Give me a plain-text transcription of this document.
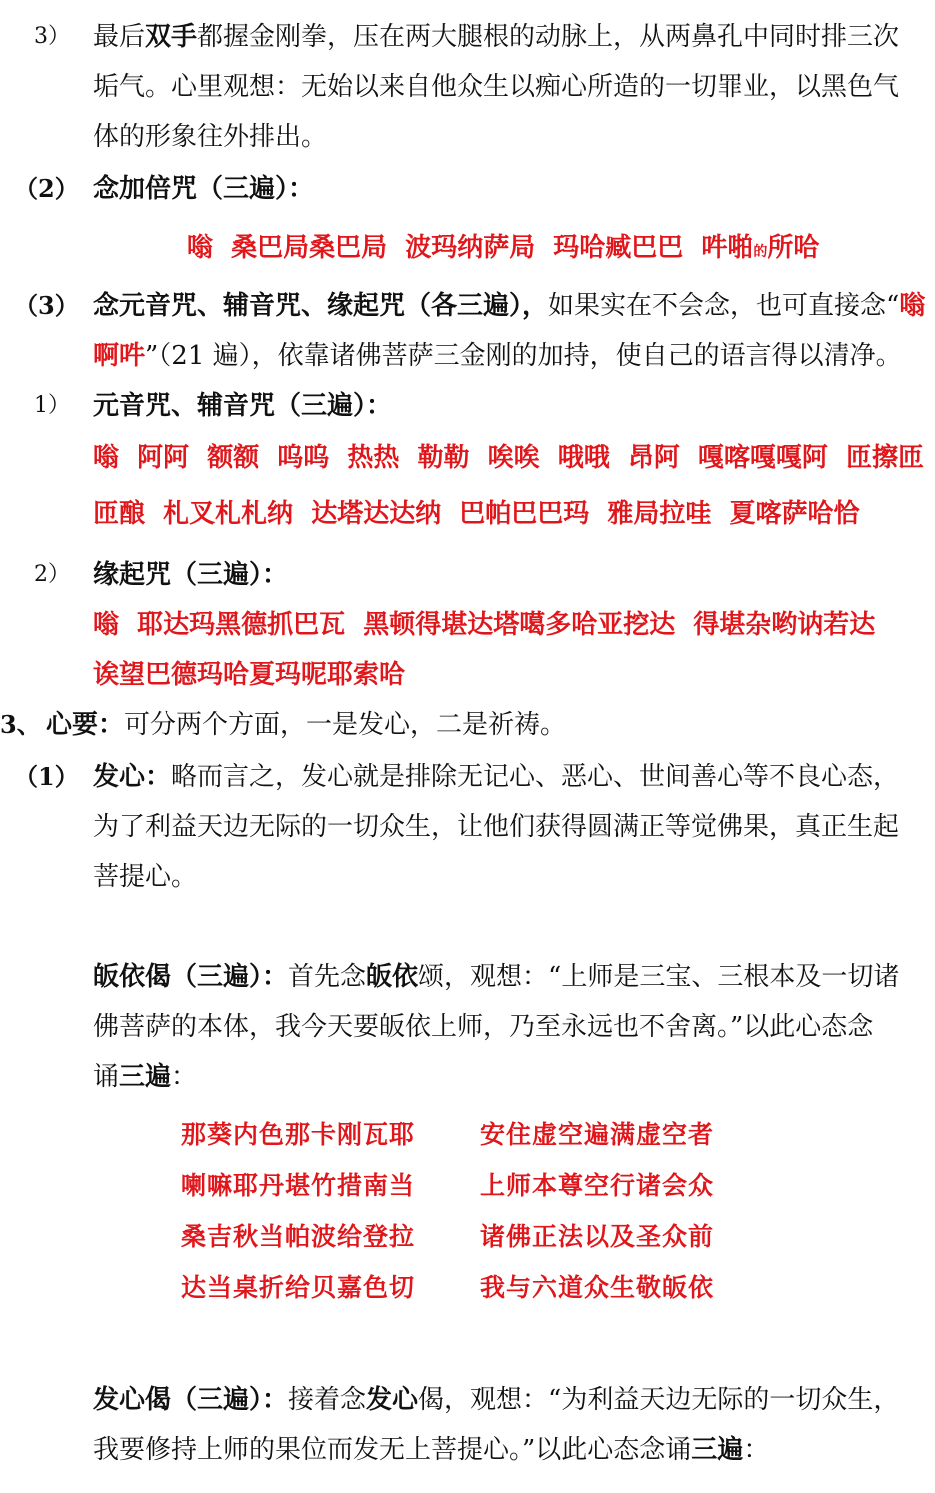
3） 最后双手都握金刚拳，压在两大腿根的动脉上，从两鼻孔中同时排三次
垢气。心里观想：无始以来自他众生以痴心所造的一切罪业，以黑色气
体的形象往外排出。
（2） 念加倍咒（三遍）：
嗡  桑巴局桑巴局  波玛纳萨局  玛哈臧巴巴  吽啪的所哈
（3） 念元音咒、辅音咒、缘起咒（各三遍），如果实在不会念，也可直接念“嗡
啊吽”（21 遍），依靠诸佛菩萨三金刚的加持，使自己的语言得以清净。
1） 元音咒、辅音咒（三遍）：
嗡  阿阿  额额  呜呜  热热  勒勒  唉唉  哦哦  昂阿  嘎喀嘎嘎阿  匝擦匝
匝酿  札叉札札纳  达塔达达纳  巴帕巴巴玛  雅局拉哇  夏喀萨哈恰
2） 缘起咒（三遍）：
嗡  耶达玛黑德抓巴瓦  黑顿得堪达塔噶多哈亚挖达  得堪杂哟讷若达
诶望巴德玛哈夏玛呢耶索哈
3、 心要：可分两个方面，一是发心，二是祈祷。
（1） 发心：略而言之，发心就是排除无记心、恶心、世间善心等不良心态，
为了利益天边无际的一切众生，让他们获得圆满正等觉佛果，真正生起
菩提心。
皈依偈（三遍）：首先念皈依颂，观想：“上师是三宝、三根本及一切诸
佛菩萨的本体，我今天要皈依上师，乃至永远也不舍离。”以此心态念
诵三遍：
那葵内色那卡刚瓦耶	安住虚空遍满虚空者
喇嘛耶丹堪竹措南当	上师本尊空行诸会众
桑吉秋当帕波给登拉	诸佛正法以及圣众前
达当桌折给贝嘉色切	我与六道众生敬皈依
发心偈（三遍）：接着念发心偈，观想：“为利益天边无际的一切众生，
我要修持上师的果位而发无上菩提心。”以此心态念诵三遍：
